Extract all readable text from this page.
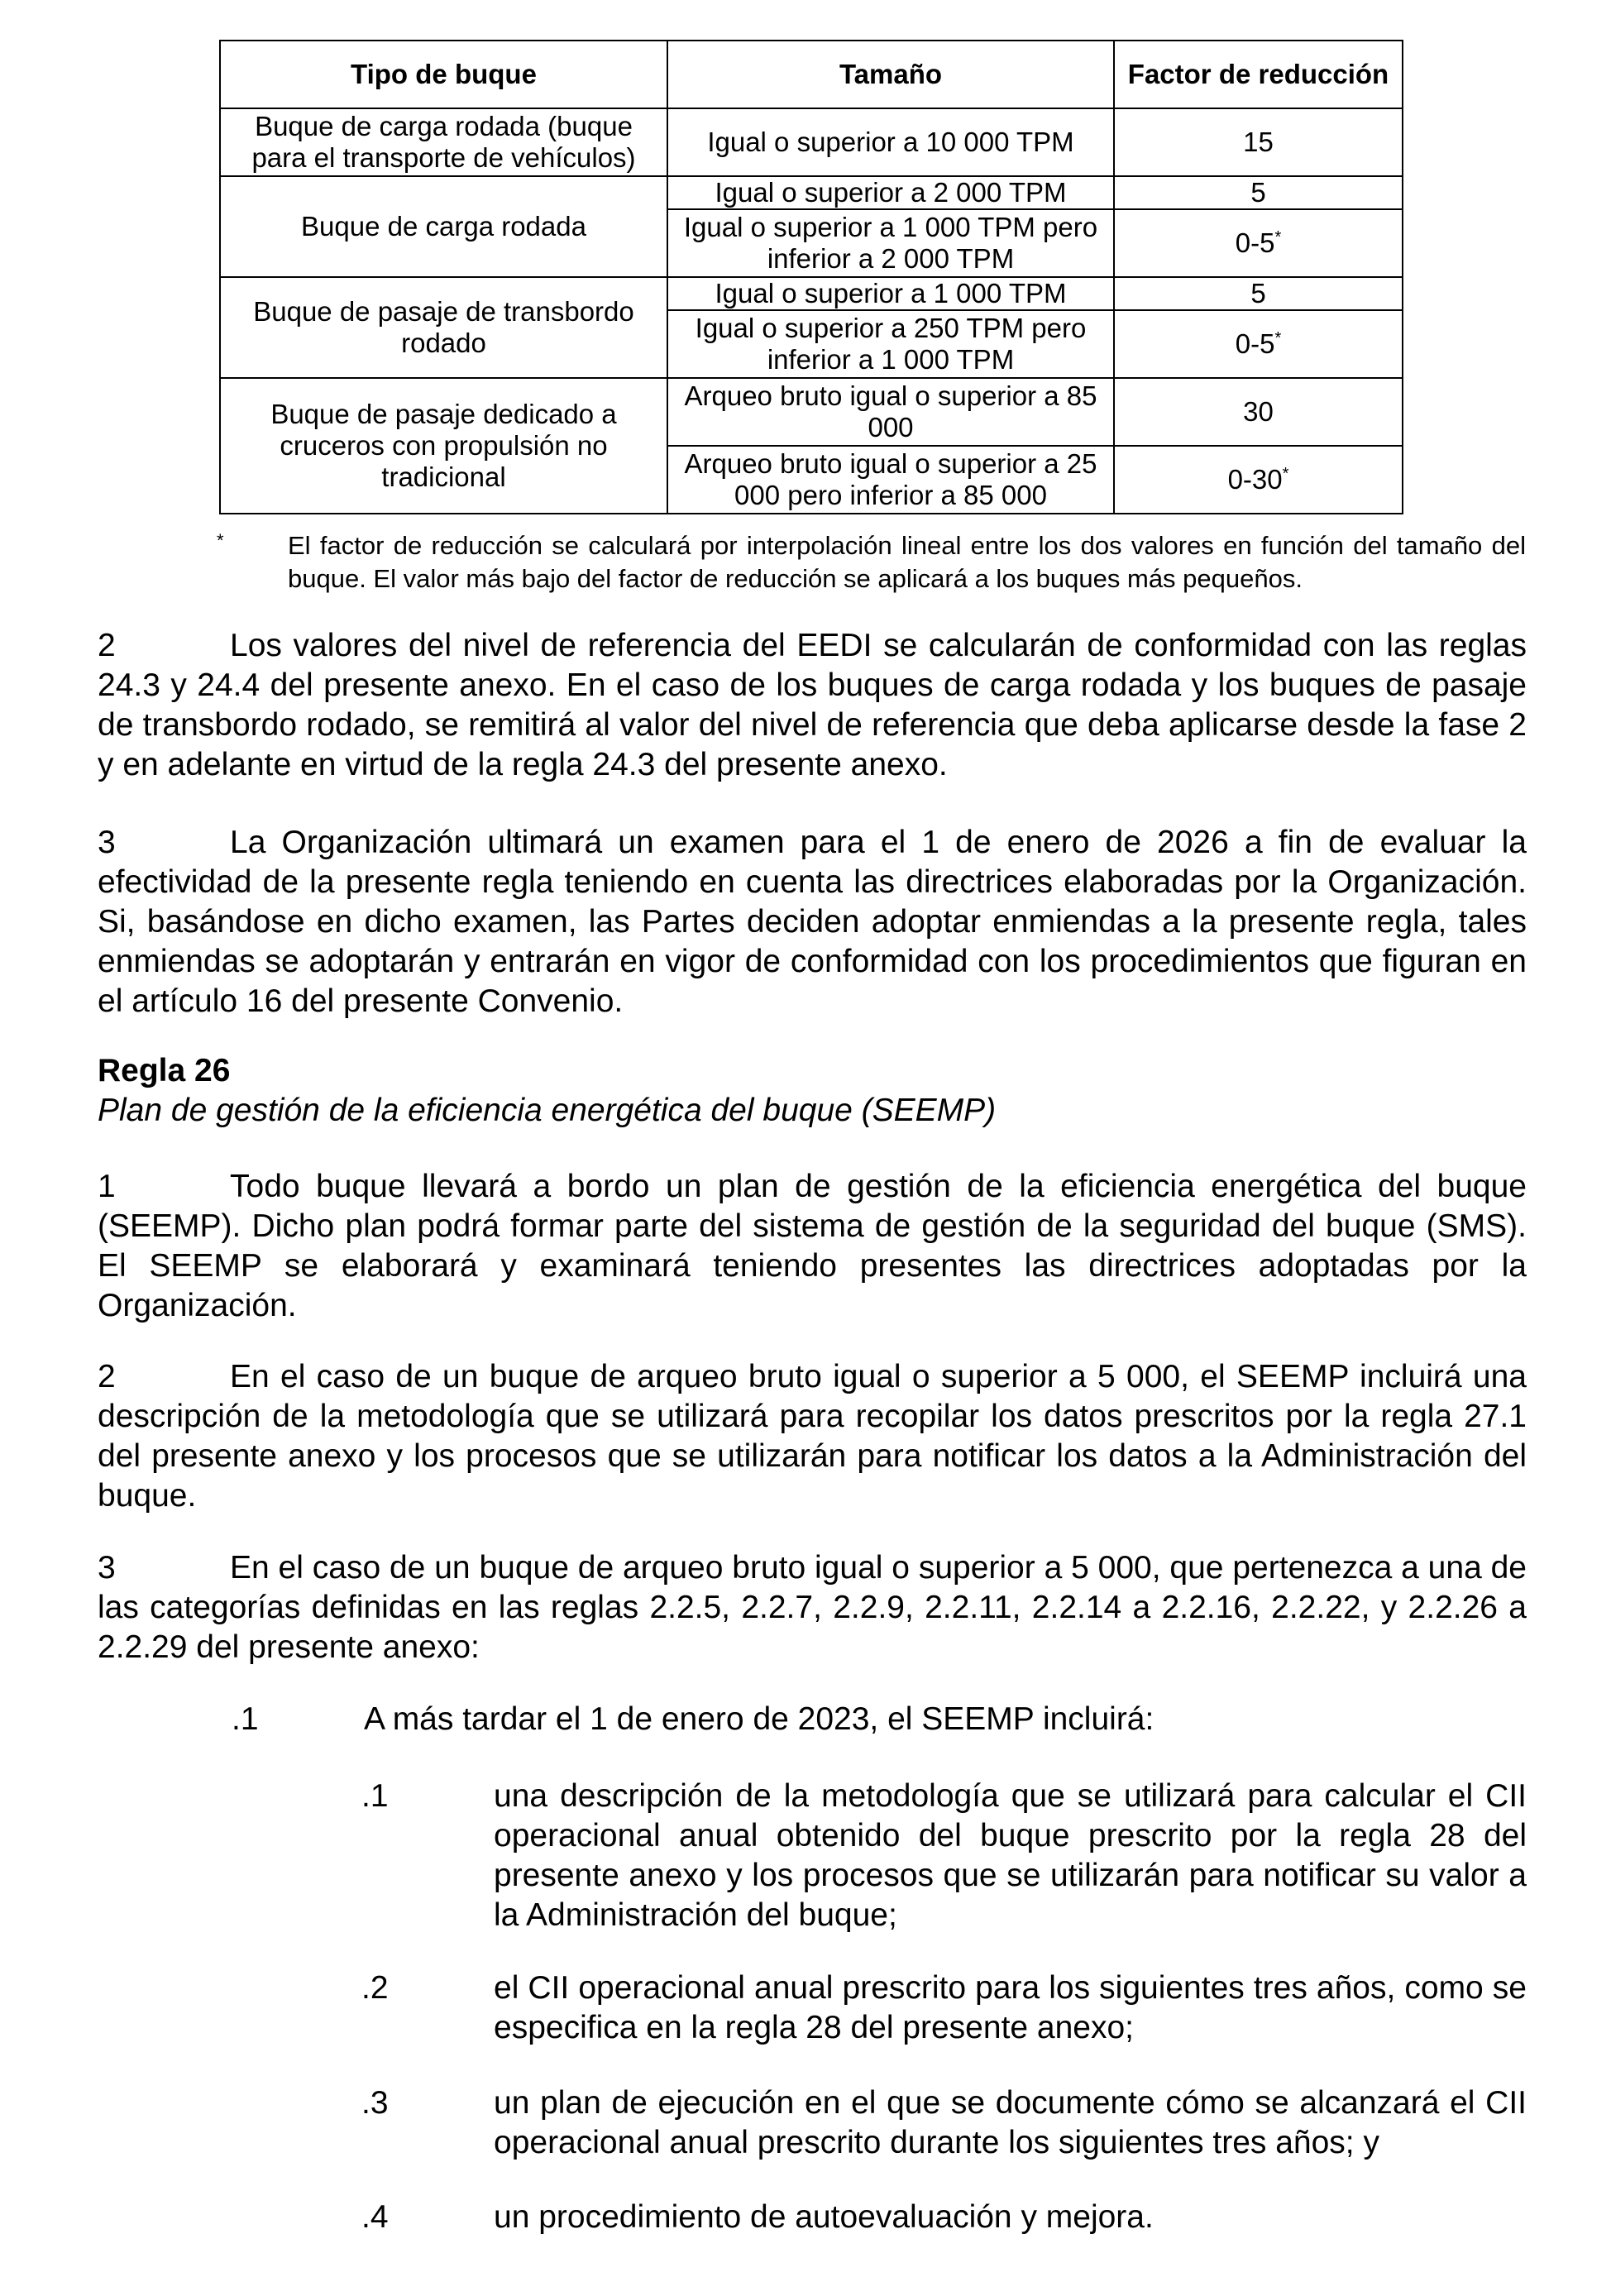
Tipo de buque	Tamaño	Factor de reducción
Buque de carga rodada (buque para el transporte de vehículos)	Igual o superior a 10 000 TPM	15
Buque de carga rodada	Igual o superior a 2 000 TPM	5
	Igual o superior a 1 000 TPM pero inferior a 2 000 TPM	0-5*
Buque de pasaje de transbordo rodado	Igual o superior a 1 000 TPM	5
	Igual o superior a 250 TPM pero inferior a 1 000 TPM	0-5*
Buque de pasaje dedicado a cruceros con propulsión no tradicional	Arqueo bruto igual o superior a 85 000	30
	Arqueo bruto igual o superior a 25 000 pero inferior a 85 000	0-30*
* El factor de reducción se calculará por interpolación lineal entre los dos valores en función del tamaño del buque. El valor más bajo del factor de reducción se aplicará a los buques más pequeños.
2	Los valores del nivel de referencia del EEDI se calcularán de conformidad con las reglas 24.3 y 24.4 del presente anexo. En el caso de los buques de carga rodada y los buques de pasaje de transbordo rodado, se remitirá al valor del nivel de referencia que deba aplicarse desde la fase 2 y en adelante en virtud de la regla 24.3 del presente anexo.
3	La Organización ultimará un examen para el 1 de enero de 2026 a fin de evaluar la efectividad de la presente regla teniendo en cuenta las directrices elaboradas por la Organización. Si, basándose en dicho examen, las Partes deciden adoptar enmiendas a la presente regla, tales enmiendas se adoptarán y entrarán en vigor de conformidad con los procedimientos que figuran en el artículo 16 del presente Convenio.
Regla 26
Plan de gestión de la eficiencia energética del buque (SEEMP)
1	Todo buque llevará a bordo un plan de gestión de la eficiencia energética del buque (SEEMP). Dicho plan podrá formar parte del sistema de gestión de la seguridad del buque (SMS). El SEEMP se elaborará y examinará teniendo presentes las directrices adoptadas por la Organización.
2	En el caso de un buque de arqueo bruto igual o superior a 5 000, el SEEMP incluirá una descripción de la metodología que se utilizará para recopilar los datos prescritos por la regla 27.1 del presente anexo y los procesos que se utilizarán para notificar los datos a la Administración del buque.
3	En el caso de un buque de arqueo bruto igual o superior a 5 000, que pertenezca a una de las categorías definidas en las reglas 2.2.5, 2.2.7, 2.2.9, 2.2.11, 2.2.14 a 2.2.16, 2.2.22, y 2.2.26 a 2.2.29 del presente anexo:
.1	A más tardar el 1 de enero de 2023, el SEEMP incluirá:
.1	una descripción de la metodología que se utilizará para calcular el CII operacional anual obtenido del buque prescrito por la regla 28 del presente anexo y los procesos que se utilizarán para notificar su valor a la Administración del buque;
.2	el CII operacional anual prescrito para los siguientes tres años, como se especifica en la regla 28 del presente anexo;
.3	un plan de ejecución en el que se documente cómo se alcanzará el CII operacional anual prescrito durante los siguientes tres años; y
.4	un procedimiento de autoevaluación y mejora.
